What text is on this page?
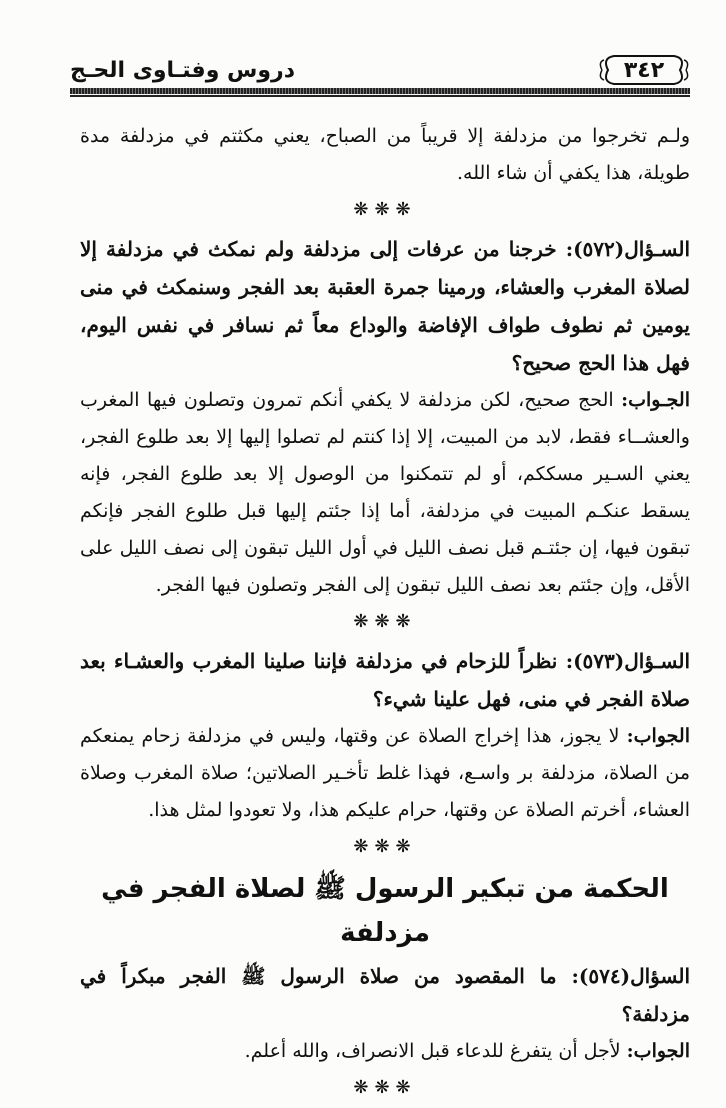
دروس وفتـاوى الحـج	٣٤٢

ولـم تخرجوا من مزدلفة إلا قريباً من الصباح، يعني مكثتم في مزدلفة مدة طويلة، هذا يكفي أن شاء الله.

❋❋❋

السـؤال(٥٧٢): خرجنا من عرفات إلى مزدلفة ولم نمكث في مزدلفة إلا لصلاة المغرب والعشاء، ورمينا جمرة العقبة بعد الفجر وسنمكث في منى يومين ثم نطوف طواف الإفاضة والوداع معاً ثم نسافر في نفس اليوم، فهل هذا الحج صحيح؟

الجـواب: الحج صحيح، لكن مزدلفة لا يكفي أنكم تمرون وتصلون فيها المغرب والعشــاء فقط، لابد من المبيت، إلا إذا كنتم لم تصلوا إليها إلا بعد طلوع الفجر، يعني السـير مسككم، أو لم تتمكنوا من الوصول إلا بعد طلوع الفجر، فإنه يسقط عنكـم المبيت في مزدلفة، أما إذا جئتم إليها قبل طلوع الفجر فإنكم تبقون فيها، إن جئتـم قبل نصف الليل في أول الليل تبقون إلى نصف الليل على الأقل، وإن جئتم بعد نصف الليل تبقون إلى الفجر وتصلون فيها الفجر.

❋❋❋

السـؤال(٥٧٣): نظراً للزحام في مزدلفة فإننا صلينا المغرب والعشـاء بعد صلاة الفجر في منى، فهل علينا شيء؟

الجواب: لا يجوز، هذا إخراج الصلاة عن وقتها، وليس في مزدلفة زحام يمنعكم من الصلاة، مزدلفة بر واسـع، فهذا غلط تأخـير الصلاتين؛ صلاة المغرب وصلاة العشاء، أخرتم الصلاة عن وقتها، حرام عليكم هذا، ولا تعودوا لمثل هذا.

❋❋❋
الحكمة من تبكير الرسول ﷺ لصلاة الفجر في مزدلفة

السؤال(٥٧٤): ما المقصود من صلاة الرسول ﷺ الفجر مبكراً في مزدلفة؟

الجواب: لأجل أن يتفرغ للدعاء قبل الانصراف، والله أعلم.

❋❋❋
